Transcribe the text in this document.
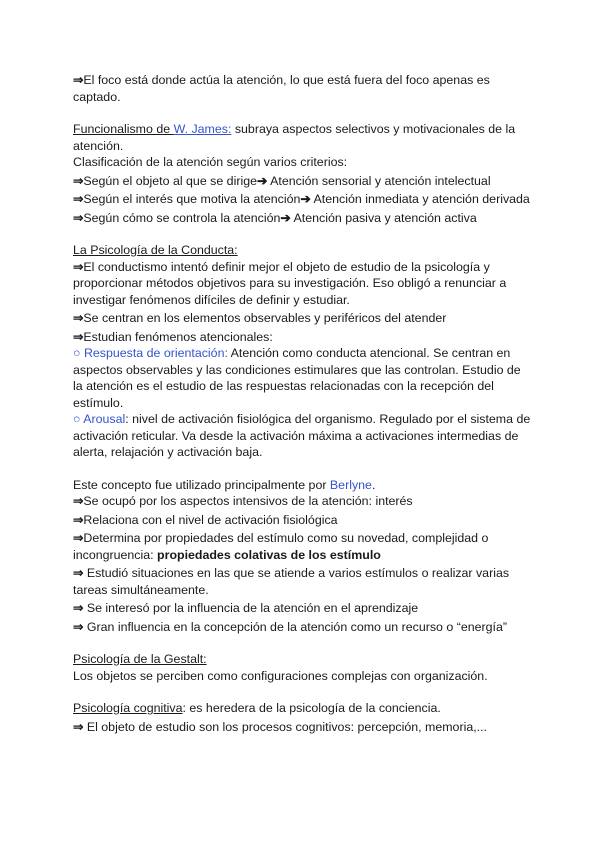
⇒El foco está donde actúa la atención, lo que está fuera del foco apenas es captado.
Funcionalismo de W. James: subraya aspectos selectivos y motivacionales de la atención.
Clasificación de la atención según varios criterios:
⇒Según el objeto al que se dirige➔ Atención sensorial y atención intelectual
⇒Según el interés que motiva la atención➔ Atención inmediata y atención derivada
⇒Según cómo se controla la atención➔ Atención pasiva y atención activa
La Psicología de la Conducta:
⇒El conductismo intentó definir mejor el objeto de estudio de la psicología y proporcionar métodos objetivos para su investigación. Eso obligó a renunciar a investigar fenómenos difíciles de definir y estudiar.
⇒Se centran en los elementos observables y periféricos del atender
⇒Estudian fenómenos atencionales:
○ Respuesta de orientación: Atención como conducta atencional. Se centran en aspectos observables y las condiciones estimulares que las controlan. Estudio de la atención es el estudio de las respuestas relacionadas con la recepción del estímulo.
○ Arousal: nivel de activación fisiológica del organismo. Regulado por el sistema de activación reticular. Va desde la activación máxima a activaciones intermedias de alerta, relajación y activación baja.
Este concepto fue utilizado principalmente por Berlyne.
⇒Se ocupó por los aspectos intensivos de la atención: interés
⇒Relaciona con el nivel de activación fisiológica
⇒Determina por propiedades del estímulo como su novedad, complejidad o incongruencia: propiedades colativas de los estímulo
⇒ Estudió situaciones en las que se atiende a varios estímulos o realizar varias tareas simultáneamente.
⇒ Se interesó por la influencia de la atención en el aprendizaje
⇒ Gran influencia en la concepción de la atención como un recurso o “energía”
Psicología de la Gestalt:
Los objetos se perciben como configuraciones complejas con organización.
Psicología cognitiva: es heredera de la psicología de la conciencia.
⇒ El objeto de estudio son los procesos cognitivos: percepción, memoria,...
